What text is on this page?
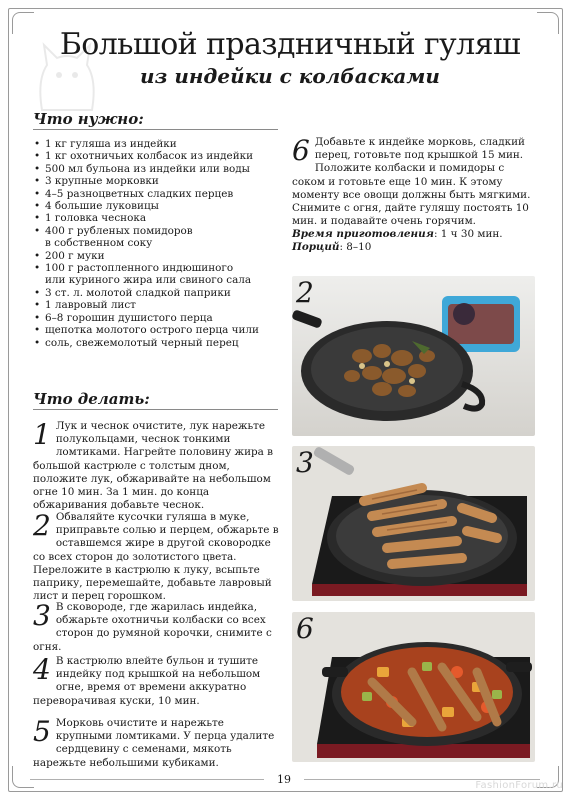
Большой праздничный гуляш
из индейки с колбасками
Что нужно:
• 1 кг гуляша из индейки
• 1 кг охотничьих колбасок из индейки
• 500 мл бульона из индейки или воды
• 3 крупные морковки
• 4–5 разноцветных сладких перцев
• 4 большие луковицы
• 1 головка чеснока
• 400 г рубленых помидоров
в собственном соку
• 200 г муки
• 100 г растопленного индюшиного
или куриного жира или свиного сала
• 3 ст. л. молотой сладкой паприки
• 1 лавровый лист
• 6–8 горошин душистого перца
• щепотка молотого острого перца чили
• соль, свежемолотый черный перец
Что делать:
1 Лук и чеснок очистите, лук нарежьте полукольцами, чеснок тонкими ломтиками. Нагрейте половину жира в большой кастрюле с толстым дном, положите лук, обжаривайте на небольшом огне 10 мин. За 1 мин. до конца обжаривания добавьте чеснок.
2 Обваляйте кусочки гуляша в муке, приправьте солью и перцем, обжарьте в оставшемся жире в другой сковородке со всех сторон до золотистого цвета. Переложите в кастрюлю к луку, всыпьте паприку, перемешайте, добавьте лавровый лист и перец горошком.
3 В сковороде, где жарилась индейка, обжарьте охотничьи колбаски со всех сторон до румяной корочки, снимите с огня.
4 В кастрюлю влейте бульон и тушите индейку под крышкой на небольшом огне, время от времени аккуратно переворачивая куски, 10 мин.
5 Морковь очистите и нарежьте крупными ломтиками. У перца удалите сердцевину с семенами, мякоть нарежьте небольшими кубиками.
6 Добавьте к индейке морковь, сладкий перец, готовьте под крышкой 15 мин. Положите колбаски и помидоры с соком и готовьте еще 10 мин. К этому моменту все овощи должны быть мягкими. Снимите с огня, дайте гуляшу постоять 10 мин. и подавайте очень горячим.
Время приготовления: 1 ч 30 мин.
Порций: 8–10
2
3
6
19	FashionForum.ru
